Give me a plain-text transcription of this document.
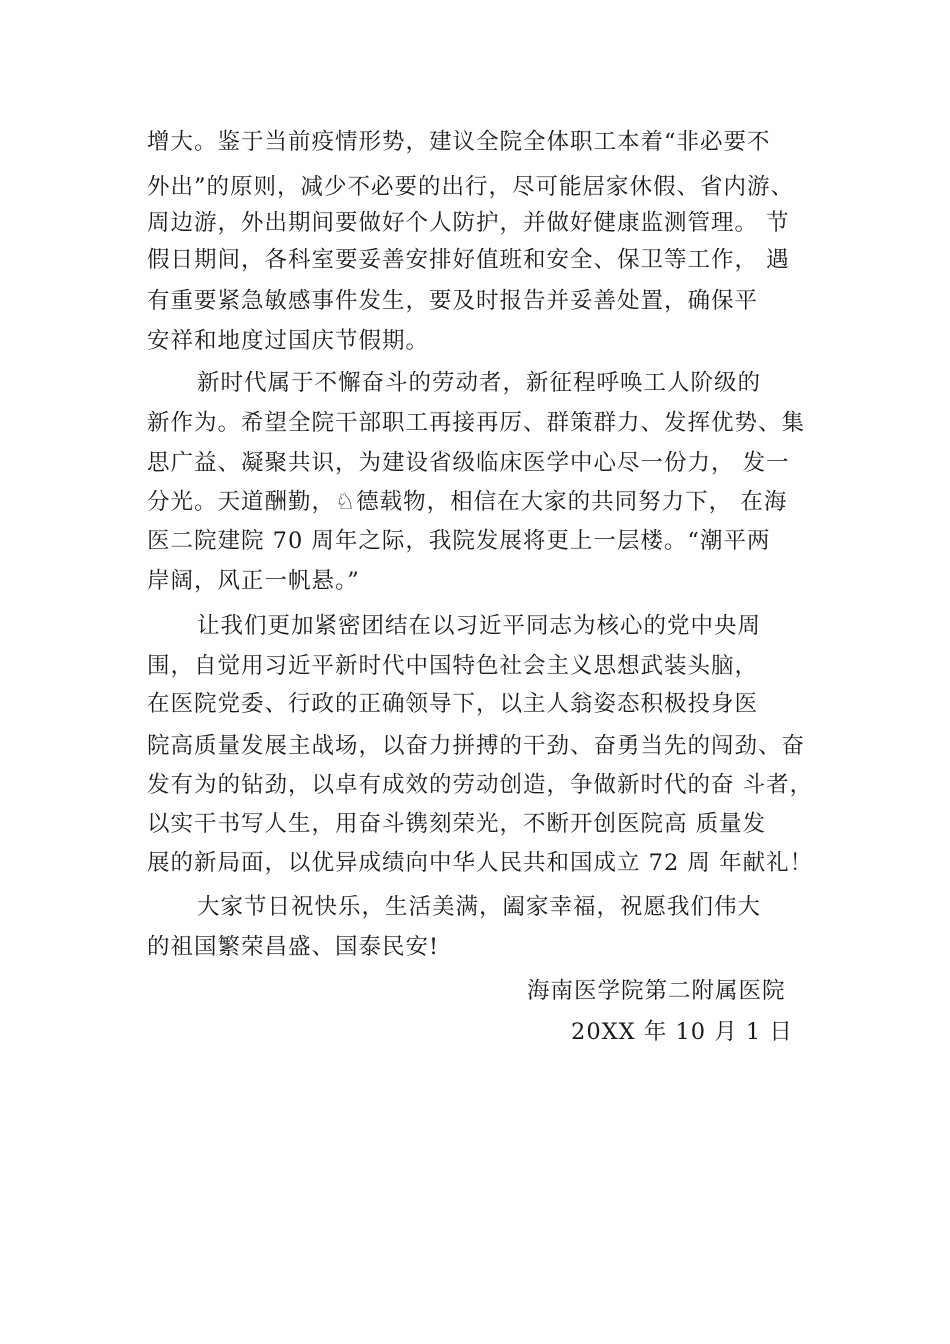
增大。鉴于当前疫情形势，建议全院全体职工本着“非必要不
外出”的原则，减少不必要的出行，尽可能居家休假、省内游、
周边游，外出期间要做好个人防护，并做好健康监测管理。 节
假日期间，各科室要妥善安排好值班和安全、保卫等工作， 遇
有重要紧急敏感事件发生，要及时报告并妥善处置，确保平
安祥和地度过国庆节假期。
新时代属于不懈奋斗的劳动者，新征程呼唤工人阶级的
新作为。希望全院干部职工再接再厉、群策群力、发挥优势、集
思广益、凝聚共识，为建设省级临床医学中心尽一份力， 发一
分光。天道酬勤，♘德载物，相信在大家的共同努力下， 在海
医二院建院 70 周年之际，我院发展将更上一层楼。“潮平两
岸阔，风正一帆悬。”
让我们更加紧密团结在以习近平同志为核心的党中央周
围，自觉用习近平新时代中国特色社会主义思想武装头脑，
在医院党委、行政的正确领导下，以主人翁姿态积极投身医
院高质量发展主战场，以奋力拼搏的干劲、奋勇当先的闯劲、奋
发有为的钻劲，以卓有成效的劳动创造，争做新时代的奋 斗者，
以实干书写人生，用奋斗镌刻荣光，不断开创医院高 质量发
展的新局面，以优异成绩向中华人民共和国成立 72 周 年献礼！
大家节日祝快乐，生活美满，阖家幸福，祝愿我们伟大
的祖国繁荣昌盛、国泰民安!
海南医学院第二附属医院
20XX 年 10 月 1 日
